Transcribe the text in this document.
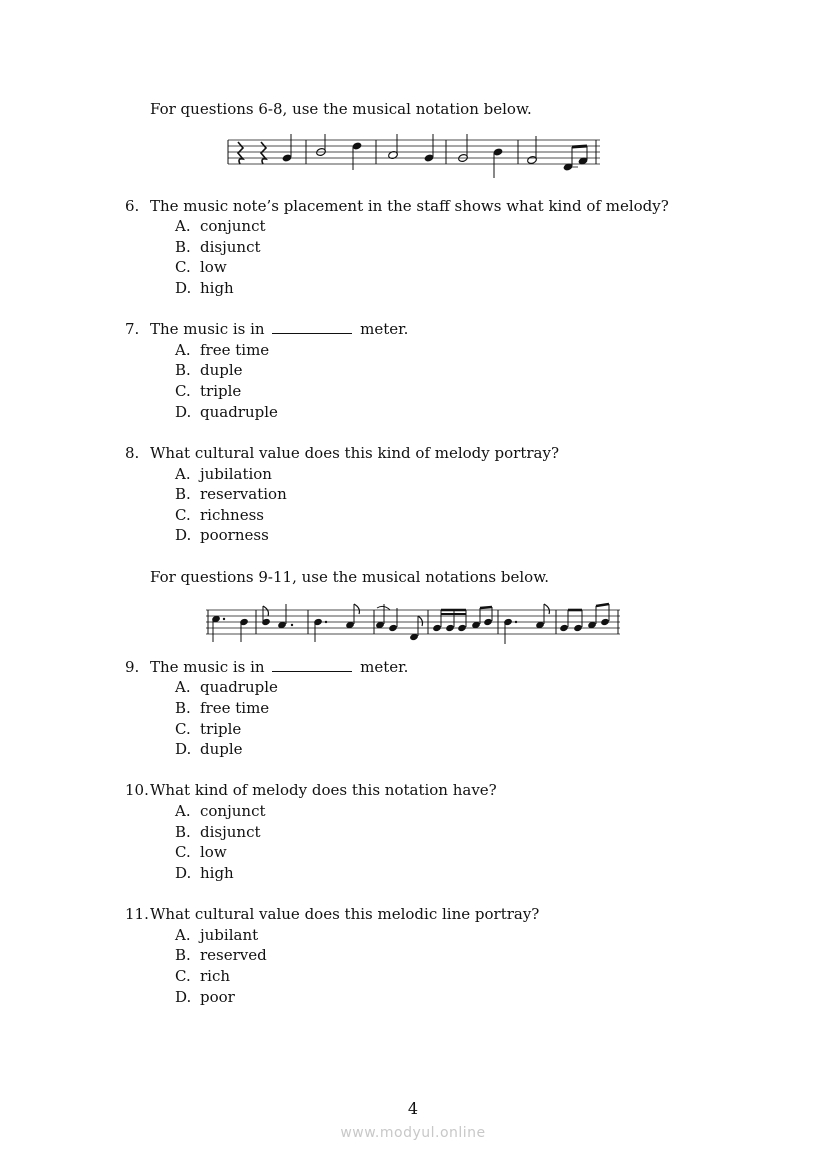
For questions 6-8, use the musical notation below.
6. The music note’s placement in the staff shows what kind of melody?
A. conjunct
B. disjunct
C. low
D. high
7. The music is in	meter.
A. free time
B. duple
C. triple
D. quadruple
8. What cultural value does this kind of melody portray?
A. jubilation
B. reservation
C. richness
D. poorness
For questions 9-11, use the musical notations below.
9. The music is in	meter.
A. quadruple
B. free time
C. triple
D. duple
10. What kind of melody does this notation have?
A. conjunct
B. disjunct
C. low
D. high
11. What cultural value does this melodic line portray?
A. jubilant
B. reserved
C. rich
D. poor
4
www.modyul.online
